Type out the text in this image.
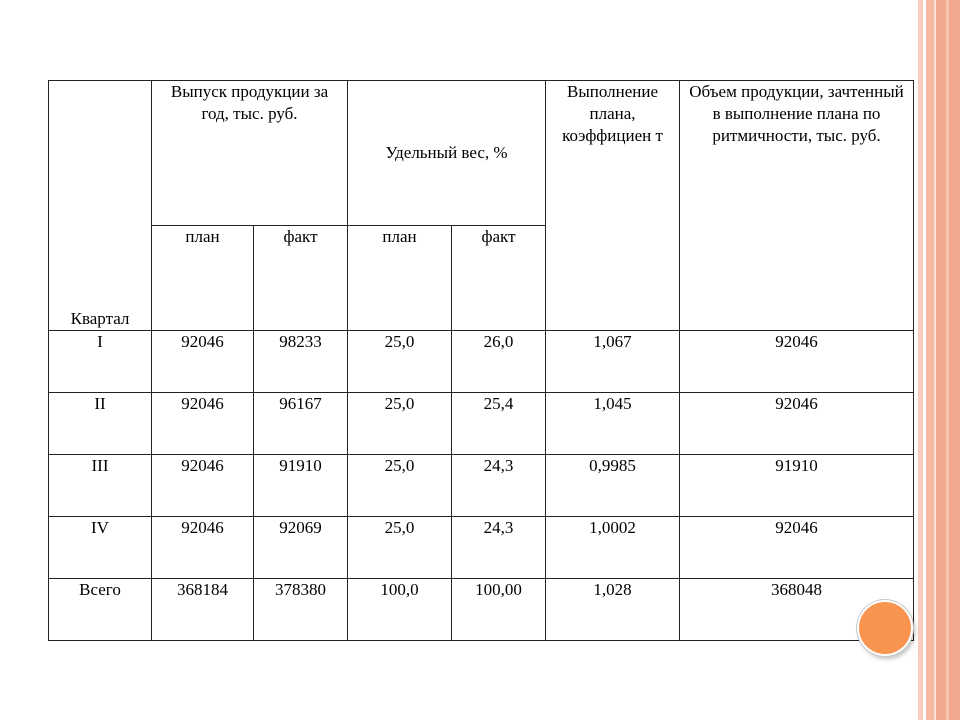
Квартал	Выпуск продукции за год, тыс. руб.		Удельный вес, %		Выполнение плана, коэффициен т	Объем продукции, зачтенный в выполнение плана по ритмичности, тыс. руб.
	план	факт	план	факт		
I	92046	98233	25,0	26,0	1,067	92046
II	92046	96167	25,0	25,4	1,045	92046
III	92046	91910	25,0	24,3	0,9985	91910
IV	92046	92069	25,0	24,3	1,0002	92046
Всего	368184	378380	100,0	100,00	1,028	368048
